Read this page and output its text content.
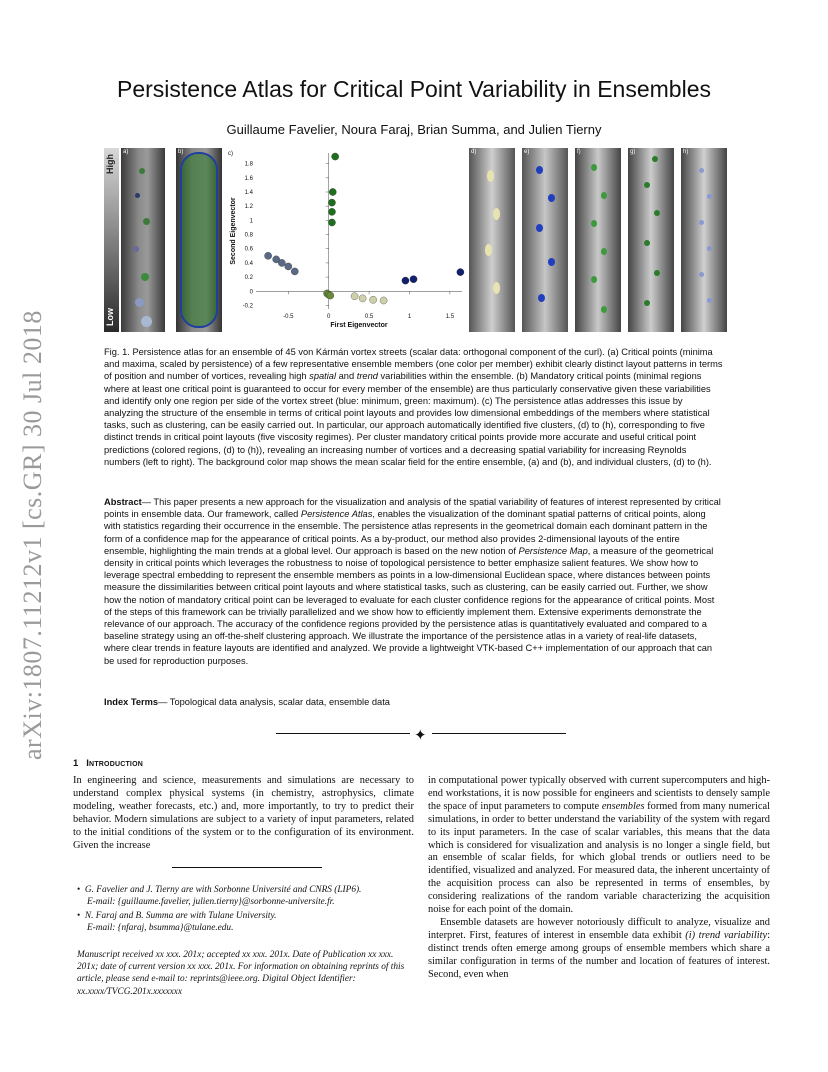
arXiv:1807.11212v1 [cs.GR] 30 Jul 2018
Persistence Atlas for Critical Point Variability in Ensembles
Guillaume Favelier, Noura Faraj, Brian Summa, and Julien Tierny
High
Low
a)	b)	c)
1.8
1.6
1.4
1.2
1
0.8
0.6
0.4
0.2
0
-0.2
-0.5	0	0.5	1	1.5
First Eigenvector
Second Eigenvector
d)	e)	f)	g)	h)
Fig. 1. Persistence atlas for an ensemble of 45 von Kármán vortex streets (scalar data: orthogonal component of the curl). (a) Critical points (minima and maxima, scaled by persistence) of a few representative ensemble members (one color per member) exhibit clearly distinct layout patterns in terms of position and number of vortices, revealing high spatial and trend variabilities within the ensemble. (b) Mandatory critical points (minimal regions where at least one critical point is guaranteed to occur for every member of the ensemble) are thus particularly conservative given these variabilities and identify only one region per side of the vortex street (blue: minimum, green: maximum). (c) The persistence atlas addresses this issue by analyzing the structure of the ensemble in terms of critical point layouts and provides low dimensional embeddings of the members where statistical tasks, such as clustering, can be easily carried out. In particular, our approach automatically identified five clusters, (d) to (h), corresponding to five distinct trends in critical point layouts (five viscosity regimes). Per cluster mandatory critical points provide more accurate and useful critical point predictions (colored regions, (d) to (h)), revealing an increasing number of vortices and a decreasing spatial variability for increasing Reynolds numbers (left to right). The background color map shows the mean scalar field for the entire ensemble, (a) and (b), and individual clusters, (d) to (h).
Abstract— This paper presents a new approach for the visualization and analysis of the spatial variability of features of interest represented by critical points in ensemble data. Our framework, called Persistence Atlas, enables the visualization of the dominant spatial patterns of critical points, along with statistics regarding their occurrence in the ensemble. The persistence atlas represents in the geometrical domain each dominant pattern in the form of a confidence map for the appearance of critical points. As a by-product, our method also provides 2-dimensional layouts of the entire ensemble, highlighting the main trends at a global level. Our approach is based on the new notion of Persistence Map, a measure of the geometrical density in critical points which leverages the robustness to noise of topological persistence to better emphasize salient features. We show how to leverage spectral embedding to represent the ensemble members as points in a low-dimensional Euclidean space, where distances between points measure the dissimilarities between critical point layouts and where statistical tasks, such as clustering, can be easily carried out. Further, we show how the notion of mandatory critical point can be leveraged to evaluate for each cluster confidence regions for the appearance of critical points. Most of the steps of this framework can be trivially parallelized and we show how to efficiently implement them. Extensive experiments demonstrate the relevance of our approach. The accuracy of the confidence regions provided by the persistence atlas is quantitatively evaluated and compared to a baseline strategy using an off-the-shelf clustering approach. We illustrate the importance of the persistence atlas in a variety of real-life datasets, where clear trends in feature layouts are identified and analyzed. We provide a lightweight VTK-based C++ implementation of our approach that can be used for reproduction purposes.
Index Terms— Topological data analysis, scalar data, ensemble data
✦
1 Introduction

In engineering and science, measurements and simulations are necessary to understand complex physical systems (in chemistry, astrophysics, climate modeling, weather forecasts, etc.) and, more importantly, to try to predict their behavior. Modern simulations are subject to a variety of input parameters, related to the initial conditions of the system or to the configuration of its environment. Given the increase

• G. Favelier and J. Tierny are with Sorbonne Université and CNRS (LIP6).
E-mail: {guillaume.favelier, julien.tierny}@sorbonne-universite.fr.
• N. Faraj and B. Summa are with Tulane University.
E-mail: {nfaraj, bsumma}@tulane.edu.
Manuscript received xx xxx. 201x; accepted xx xxx. 201x. Date of Publication xx xxx. 201x; date of current version xx xxx. 201x. For information on obtaining reprints of this article, please send e-mail to: reprints@ieee.org. Digital Object Identifier: xx.xxxx/TVCG.201x.xxxxxxx

in computational power typically observed with current supercomputers and high-end workstations, it is now possible for engineers and scientists to densely sample the space of input parameters to compute ensembles formed from many numerical simulations, in order to better understand the variability of the system with regard to its input parameters. In the case of scalar variables, this means that the data which is considered for visualization and analysis is no longer a single field, but an ensemble of scalar fields, for which global trends or outliers need to be identified, visualized and analyzed. For measured data, the inherent uncertainty of the acquisition process can also be represented in terms of ensembles, by considering realizations of the random variable characterizing the acquisition noise for each point of the domain.

Ensemble datasets are however notoriously difficult to analyze, visualize and interpret. First, features of interest in ensemble data exhibit (i) trend variability: distinct trends often emerge among groups of ensemble members which share a similar configuration in terms of the number and location of features of interest. Second, even when
